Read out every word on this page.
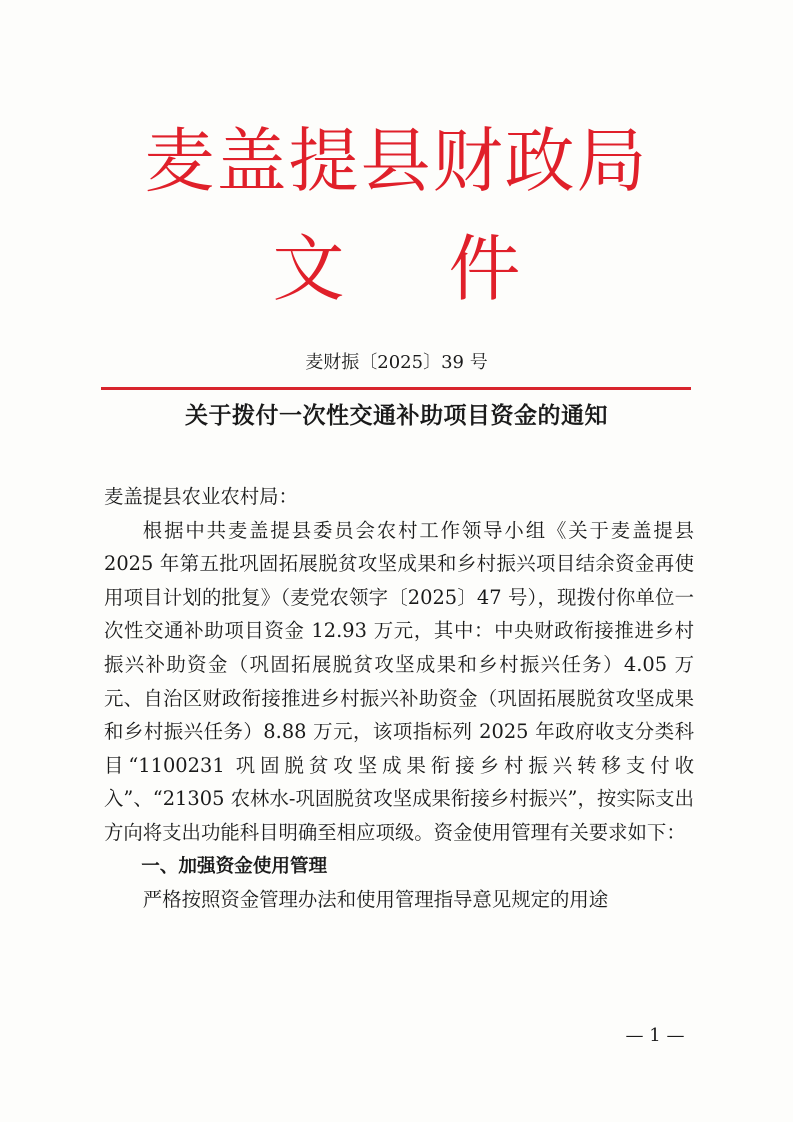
麦盖提县财政局
文件
麦财振〔2025〕39 号
关于拨付一次性交通补助项目资金的通知

麦盖提县农业农村局：

根据中共麦盖提县委员会农村工作领导小组《关于麦盖提县 2025 年第五批巩固拓展脱贫攻坚成果和乡村振兴项目结余资金再使用项目计划的批复》（麦党农领字〔2025〕47 号），现拨付你单位一次性交通补助项目资金 12.93 万元，其中：中央财政衔接推进乡村振兴补助资金（巩固拓展脱贫攻坚成果和乡村振兴任务）4.05 万元、自治区财政衔接推进乡村振兴补助资金（巩固拓展脱贫攻坚成果和乡村振兴任务）8.88 万元，该项指标列 2025 年政府收支分类科目“1100231 巩固脱贫攻坚成果衔接乡村振兴转移支付收入”、“21305 农林水-巩固脱贫攻坚成果衔接乡村振兴”，按实际支出方向将支出功能科目明确至相应项级。资金使用管理有关要求如下：

一、加强资金使用管理

严格按照资金管理办法和使用管理指导意见规定的用途

— 1 —
